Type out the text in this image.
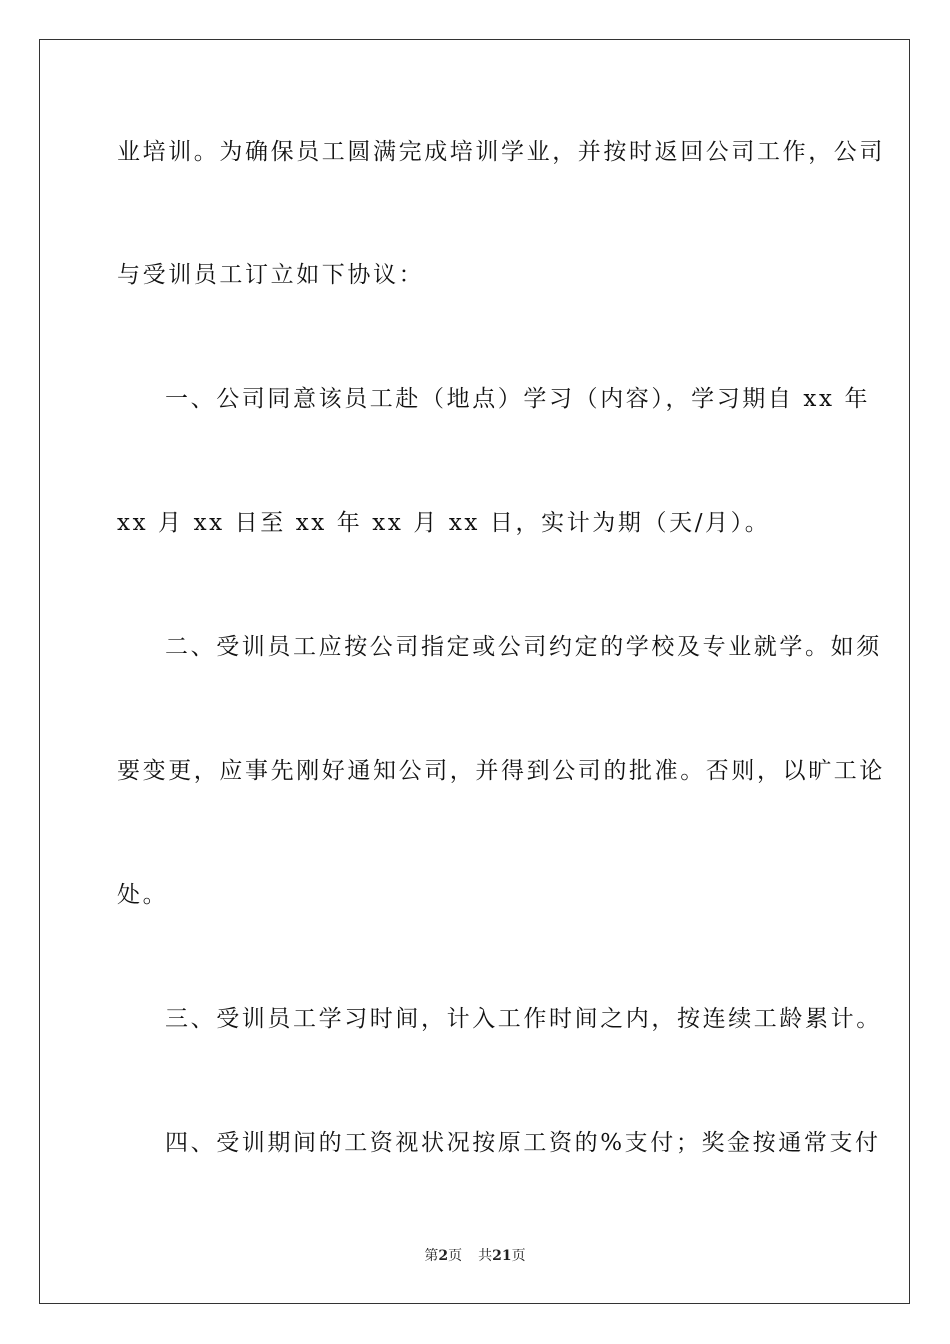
业培训。为确保员工圆满完成培训学业，并按时返回公司工作，公司
与受训员工订立如下协议：
一、公司同意该员工赴（地点）学习（内容），学习期自 xx 年
xx 月 xx 日至 xx 年 xx 月 xx 日，实计为期（天/月）。
二、受训员工应按公司指定或公司约定的学校及专业就学。如须
要变更，应事先刚好通知公司，并得到公司的批准。否则，以旷工论
处。
三、受训员工学习时间，计入工作时间之内，按连续工龄累计。
四、受训期间的工资视状况按原工资的%支付；奖金按通常支付
第2页 共21页
